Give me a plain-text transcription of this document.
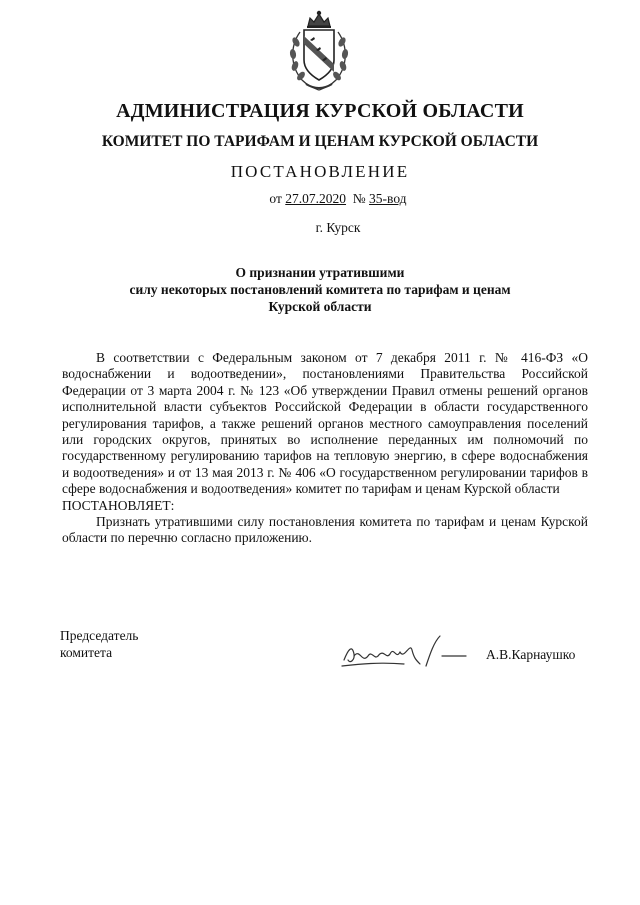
АДМИНИСТРАЦИЯ КУРСКОЙ ОБЛАСТИ
КОМИТЕТ ПО ТАРИФАМ И ЦЕНАМ КУРСКОЙ ОБЛАСТИ
ПОСТАНОВЛЕНИЕ
от 27.07.2020 № 35-вод
г. Курск
О признании утратившими
силу некоторых постановлений комитета по тарифам и ценам
Курской области

В соответствии с Федеральным законом от 7 декабря 2011 г. № 416-ФЗ «О водоснабжении и водоотведении», постановлениями Правительства Российской Федерации от 3 марта 2004 г. № 123 «Об утверждении Правил отмены решений органов исполнительной власти субъектов Российской Федерации в области государственного регулирования тарифов, а также решений органов местного самоуправления поселений или городских округов, принятых во исполнение переданных им полномочий по государственному регулированию тарифов на тепловую энергию, в сфере водоснабжения и водоотведения» и от 13 мая 2013 г. № 406 «О государственном регулировании тарифов в сфере водоснабжения и водоотведения» комитет по тарифам и ценам Курской области

ПОСТАНОВЛЯЕТ:

Признать утратившими силу постановления комитета по тарифам и ценам Курской области по перечню согласно приложению.

Председатель
комитета	А.В.Карнаушко
